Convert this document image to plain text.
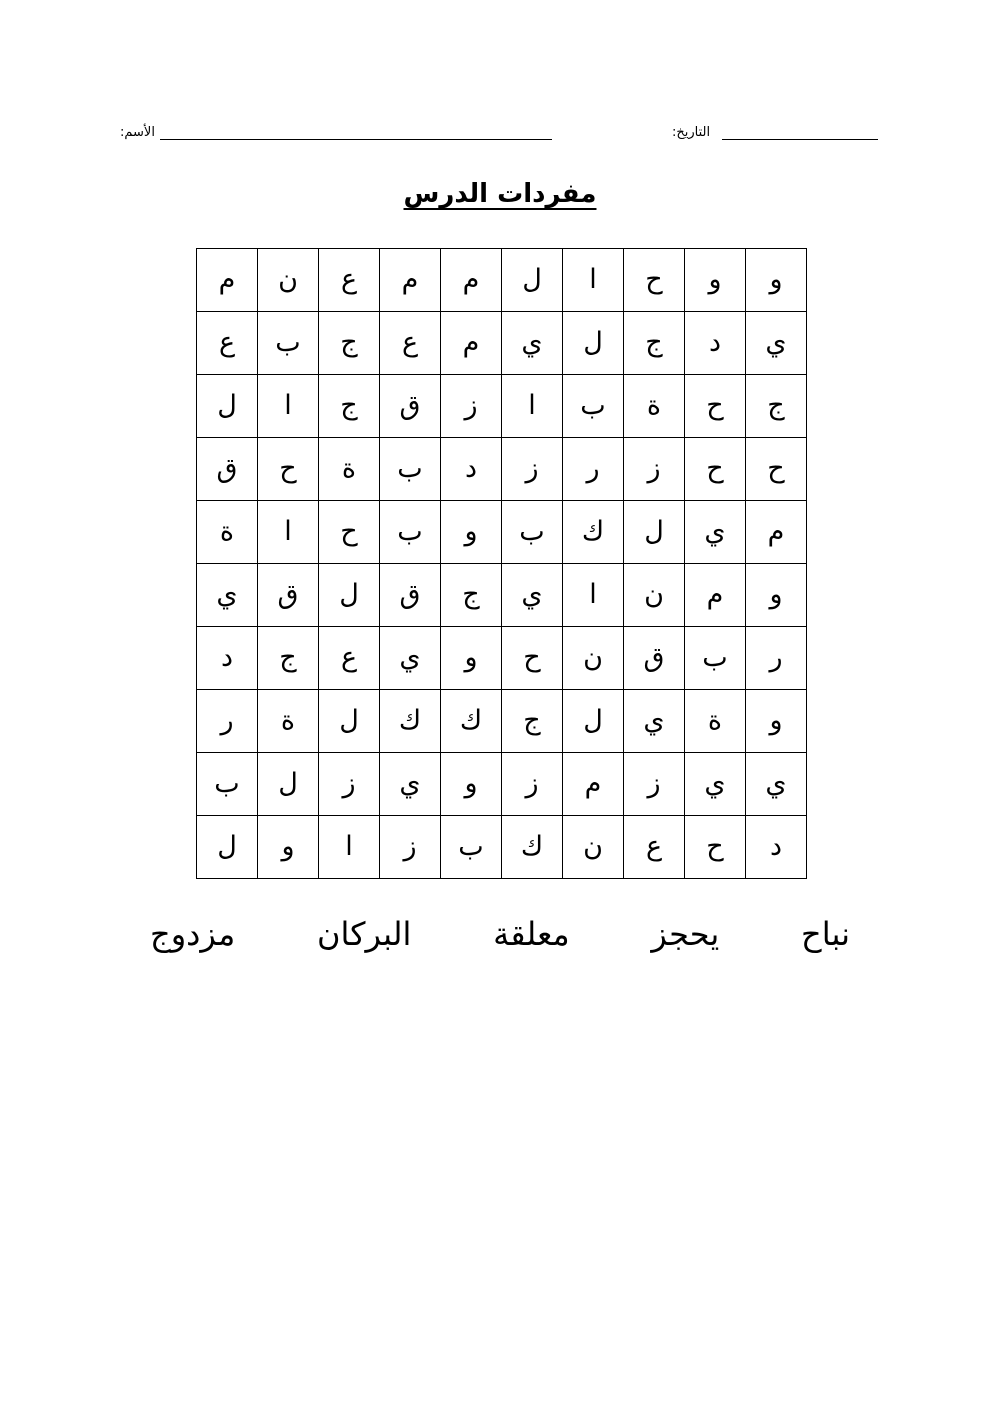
:الأسم	:التاريخ
مفردات الدرس
و	و	ح	ا	ل	م	م	ع	ن	م
ي	د	ج	ل	ي	م	ع	ج	ب	ع
ج	ح	ة	ب	ا	ز	ق	ج	ا	ل
ح	ح	ز	ر	ز	د	ب	ة	ح	ق
م	ي	ل	ك	ب	و	ب	ح	ا	ة
و	م	ن	ا	ي	ج	ق	ل	ق	ي
ر	ب	ق	ن	ح	و	ي	ع	ج	د
و	ة	ي	ل	ج	ك	ك	ل	ة	ر
ي	ي	ز	م	ز	و	ي	ز	ل	ب
د	ح	ع	ن	ك	ب	ز	ا	و	ل
نباح
يحجز
معلقة
البركان
مزدوج
